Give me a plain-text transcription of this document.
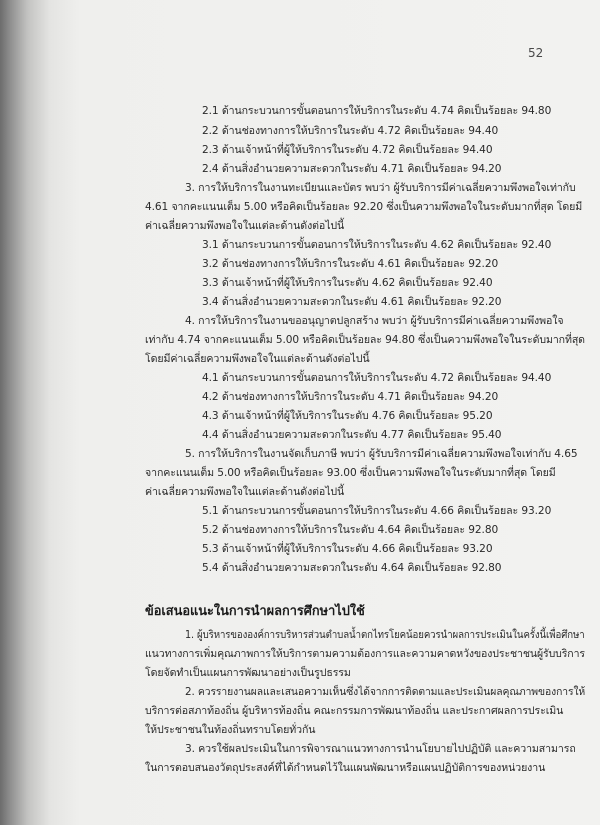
52
2.1 ด้านกระบวนการขั้นตอนการให้บริการในระดับ 4.74 คิดเป็นร้อยละ 94.80
2.2 ด้านช่องทางการให้บริการในระดับ 4.72 คิดเป็นร้อยละ 94.40
2.3 ด้านเจ้าหน้าที่ผู้ให้บริการในระดับ 4.72 คิดเป็นร้อยละ 94.40
2.4 ด้านสิ่งอำนวยความสะดวกในระดับ 4.71 คิดเป็นร้อยละ 94.20
3. การให้บริการในงานทะเบียนและบัตร พบว่า ผู้รับบริการมีค่าเฉลี่ยความพึงพอใจเท่ากับ
4.61 จากคะแนนเต็ม 5.00 หรือคิดเป็นร้อยละ 92.20 ซึ่งเป็นความพึงพอใจในระดับมากที่สุด โดยมี
ค่าเฉลี่ยความพึงพอใจในแต่ละด้านดังต่อไปนี้
3.1 ด้านกระบวนการขั้นตอนการให้บริการในระดับ 4.62 คิดเป็นร้อยละ 92.40
3.2 ด้านช่องทางการให้บริการในระดับ 4.61 คิดเป็นร้อยละ 92.20
3.3 ด้านเจ้าหน้าที่ผู้ให้บริการในระดับ 4.62 คิดเป็นร้อยละ 92.40
3.4 ด้านสิ่งอำนวยความสะดวกในระดับ 4.61 คิดเป็นร้อยละ 92.20
4. การให้บริการในงานขออนุญาตปลูกสร้าง พบว่า ผู้รับบริการมีค่าเฉลี่ยความพึงพอใจ
เท่ากับ 4.74 จากคะแนนเต็ม 5.00 หรือคิดเป็นร้อยละ 94.80 ซึ่งเป็นความพึงพอใจในระดับมากที่สุด
โดยมีค่าเฉลี่ยความพึงพอใจในแต่ละด้านดังต่อไปนี้
4.1 ด้านกระบวนการขั้นตอนการให้บริการในระดับ 4.72 คิดเป็นร้อยละ 94.40
4.2 ด้านช่องทางการให้บริการในระดับ 4.71 คิดเป็นร้อยละ 94.20
4.3 ด้านเจ้าหน้าที่ผู้ให้บริการในระดับ 4.76 คิดเป็นร้อยละ 95.20
4.4 ด้านสิ่งอำนวยความสะดวกในระดับ 4.77 คิดเป็นร้อยละ 95.40
5. การให้บริการในงานจัดเก็บภาษี พบว่า ผู้รับบริการมีค่าเฉลี่ยความพึงพอใจเท่ากับ 4.65
จากคะแนนเต็ม 5.00 หรือคิดเป็นร้อยละ 93.00 ซึ่งเป็นความพึงพอใจในระดับมากที่สุด โดยมี
ค่าเฉลี่ยความพึงพอใจในแต่ละด้านดังต่อไปนี้
5.1 ด้านกระบวนการขั้นตอนการให้บริการในระดับ 4.66 คิดเป็นร้อยละ 93.20
5.2 ด้านช่องทางการให้บริการในระดับ 4.64 คิดเป็นร้อยละ 92.80
5.3 ด้านเจ้าหน้าที่ผู้ให้บริการในระดับ 4.66 คิดเป็นร้อยละ 93.20
5.4 ด้านสิ่งอำนวยความสะดวกในระดับ 4.64 คิดเป็นร้อยละ 92.80
ข้อเสนอแนะในการนำผลการศึกษาไปใช้
1. ผู้บริหารขององค์การบริหารส่วนตำบลน้ำตกไทรโยคน้อยควรนำผลการประเมินในครั้งนี้เพื่อศึกษา
แนวทางการเพิ่มคุณภาพการให้บริการตามความต้องการและความคาดหวังของประชาชนผู้รับบริการ
โดยจัดทำเป็นแผนการพัฒนาอย่างเป็นรูปธรรม
2. ควรรายงานผลและเสนอความเห็นซึ่งได้จากการติดตามและประเมินผลคุณภาพของการให้
บริการต่อสภาท้องถิ่น ผู้บริหารท้องถิ่น คณะกรรมการพัฒนาท้องถิ่น และประกาศผลการประเมิน
ให้ประชาชนในท้องถิ่นทราบโดยทั่วกัน
3. ควรใช้ผลประเมินในการพิจารณาแนวทางการนำนโยบายไปปฏิบัติ และความสามารถ
ในการตอบสนองวัตถุประสงค์ที่ได้กำหนดไว้ในแผนพัฒนาหรือแผนปฏิบัติการของหน่วยงาน
